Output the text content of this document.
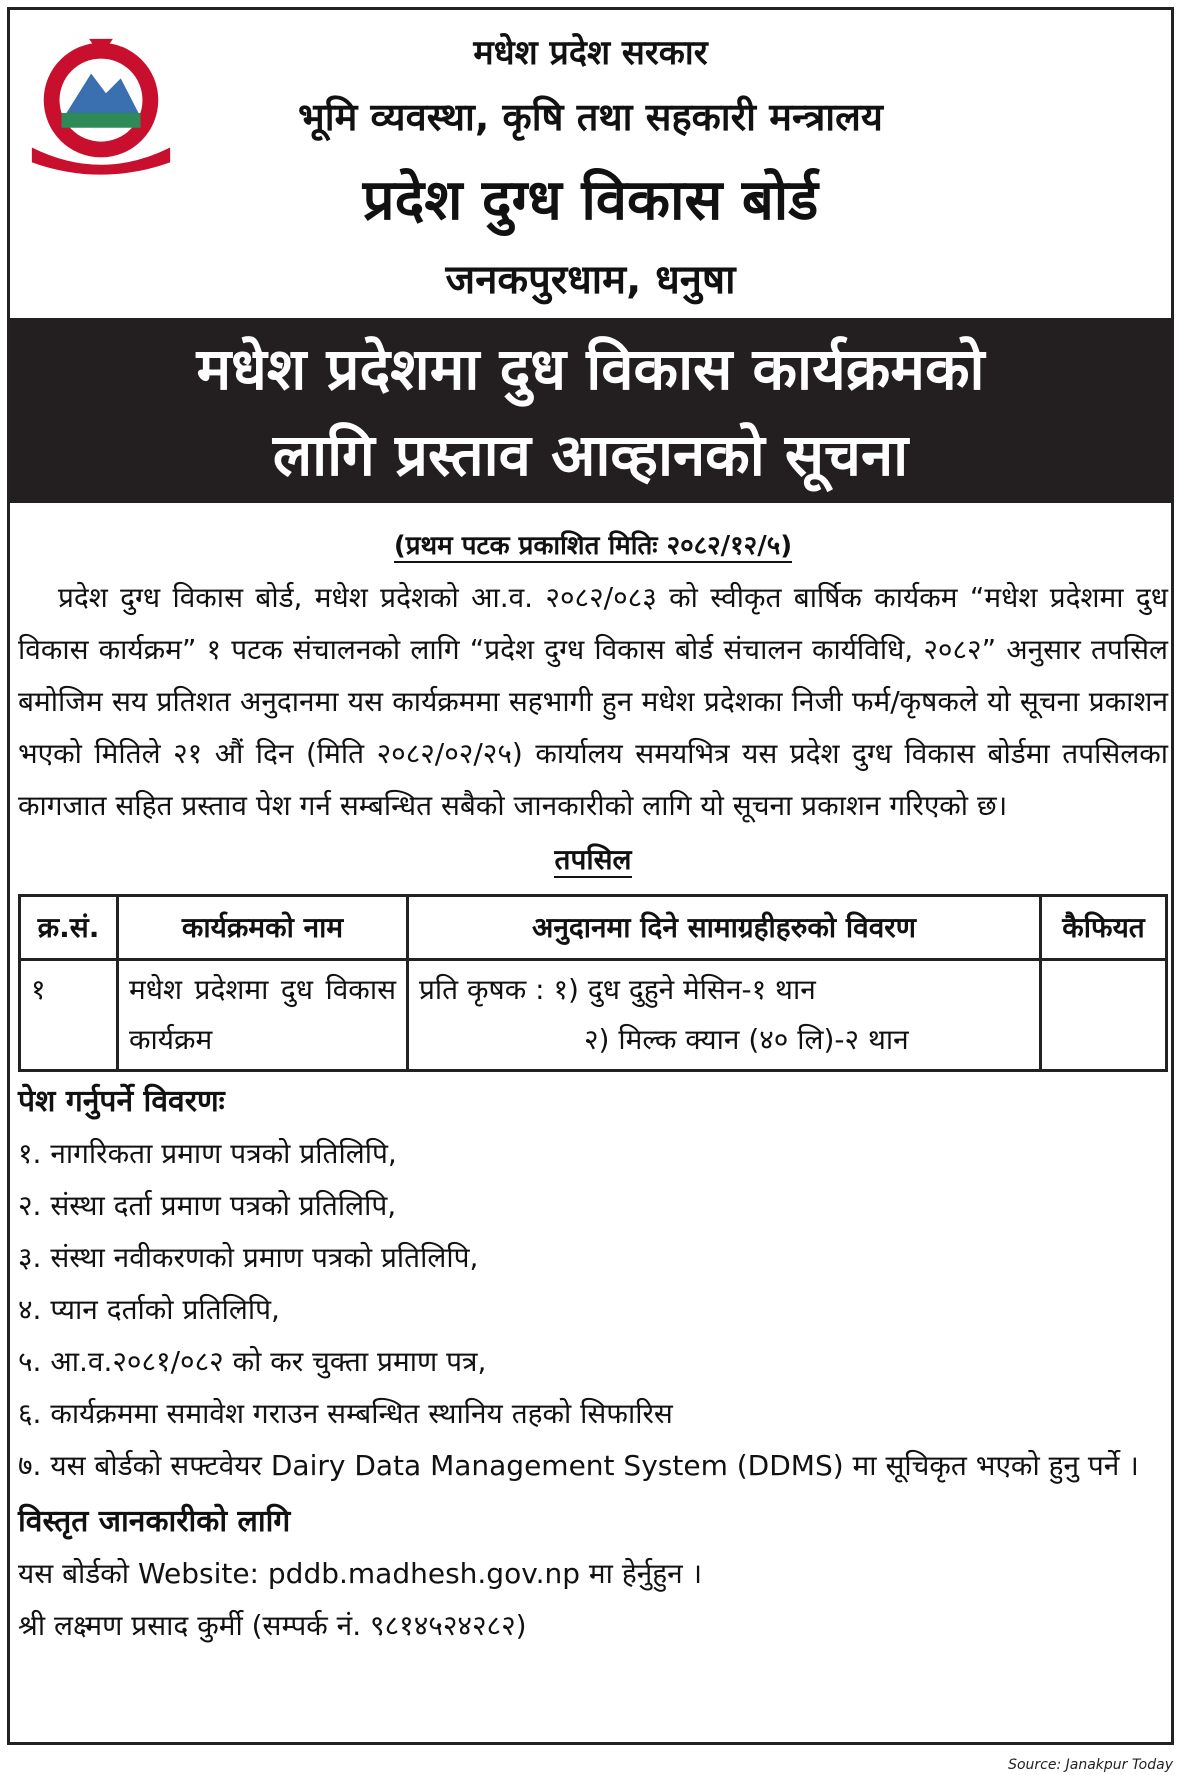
मधेश प्रदेश सरकार
भूमि व्यवस्था, कृषि तथा सहकारी मन्त्रालय
प्रदेश दुग्ध विकास बोर्ड
जनकपुरधाम, धनुषा
मधेश प्रदेशमा दुध विकास कार्यक्रमको
लागि प्रस्ताव आव्हानको सूचना
(प्रथम पटक प्रकाशित मितिः २०८२/१२/५)

प्रदेश दुग्ध विकास बोर्ड, मधेश प्रदेशको आ.व. २०८२/०८३ को स्वीकृत बार्षिक कार्यकम “मधेश प्रदेशमा दुध विकास कार्यक्रम” १ पटक संचालनको लागि “प्रदेश दुग्ध विकास बोर्ड संचालन कार्यविधि, २०८२” अनुसार तपसिल बमोजिम सय प्रतिशत अनुदानमा यस कार्यक्रममा सहभागी हुन मधेश प्रदेशका निजी फर्म/कृषकले यो सूचना प्रकाशन भएको मितिले २१ औं दिन (मिति २०८२/०२/२५) कार्यालय समयभित्र यस प्रदेश दुग्ध विकास बोर्डमा तपसिलका कागजात सहित प्रस्ताव पेश गर्न सम्बन्धित सबैको जानकारीको लागि यो सूचना प्रकाशन गरिएको छ।

तपसिल
क्र.सं.	कार्यक्रमको नाम	अनुदानमा दिने सामाग्रहीहरुको विवरण	कैफियत
१	मधेश प्रदेशमा दुध विकास कार्यक्रम	प्रति कृषक : १) दुध दुहुने मेसिन-१ थान
२) मिल्क क्यान (४० लि)-२ थान	

पेश गर्नुपर्ने विवरणः
१. नागरिकता प्रमाण पत्रको प्रतिलिपि,
२. संस्था दर्ता प्रमाण पत्रको प्रतिलिपि,
३. संस्था नवीकरणको प्रमाण पत्रको प्रतिलिपि,
४. प्यान दर्ताको प्रतिलिपि,
५. आ.व.२०८१/०८२ को कर चुक्ता प्रमाण पत्र,
६. कार्यक्रममा समावेश गराउन सम्बन्धित स्थानिय तहको सिफारिस
७. यस बोर्डको सफ्टवेयर Dairy Data Management System (DDMS) मा सूचिकृत भएको हुनु पर्ने ।
विस्तृत जानकारीको लागि
यस बोर्डको Website: pddb.madhesh.gov.np मा हेर्नुहुन ।
श्री लक्ष्मण प्रसाद कुर्मी (सम्पर्क नं. ९८१४५२४२८२)
Source: Janakpur Today
